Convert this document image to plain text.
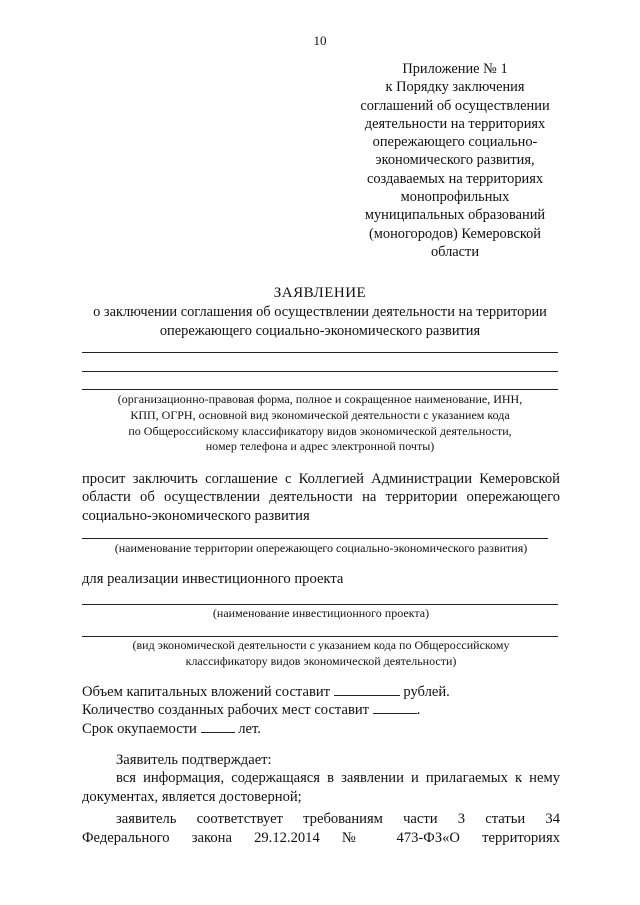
10
Приложение № 1
к Порядку заключения
соглашений об осуществлении
деятельности на территориях
опережающего социально-
экономического развития,
создаваемых на территориях
монопрофильных
муниципальных образований
(моногородов) Кемеровской
области
ЗАЯВЛЕНИЕ
о заключении соглашения об осуществлении деятельности на территории
опережающего социально-экономического развития
(организационно-правовая форма, полное и сокращенное наименование, ИНН,
КПП, ОГРН, основной вид экономической деятельности с указанием кода
по Общероссийскому классификатору видов экономической деятельности,
номер телефона и адрес электронной почты)
просит заключить соглашение с Коллегией Администрации Кемеровской
области об осуществлении деятельности на территории опережающего
социально-экономического развития
(наименование территории опережающего социально-экономического развития)
для реализации инвестиционного проекта
(наименование инвестиционного проекта)
(вид экономической деятельности с указанием кода по Общероссийскому
классификатору видов экономической деятельности)
Объем капитальных вложений составит	рублей.
Количество созданных рабочих мест составит	.
Срок окупаемости	лет.
Заявитель подтверждает:
вся информация, содержащаяся в заявлении и прилагаемых к нему
документах, является достоверной;
заявитель соответствует требованиям части 3 статьи 34
Федерального закона 29.12.2014 № 473-ФЗ«О территориях
